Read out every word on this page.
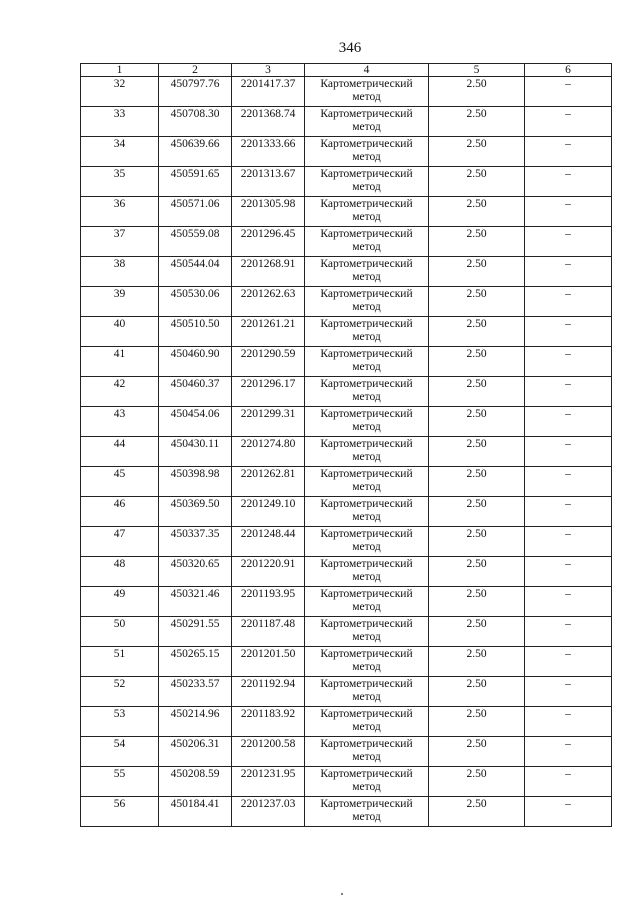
346
1	2	3	4	5	6
32	450797.76	2201417.37	Картометрический метод	2.50	–
33	450708.30	2201368.74	Картометрический метод	2.50	–
34	450639.66	2201333.66	Картометрический метод	2.50	–
35	450591.65	2201313.67	Картометрический метод	2.50	–
36	450571.06	2201305.98	Картометрический метод	2.50	–
37	450559.08	2201296.45	Картометрический метод	2.50	–
38	450544.04	2201268.91	Картометрический метод	2.50	–
39	450530.06	2201262.63	Картометрический метод	2.50	–
40	450510.50	2201261.21	Картометрический метод	2.50	–
41	450460.90	2201290.59	Картометрический метод	2.50	–
42	450460.37	2201296.17	Картометрический метод	2.50	–
43	450454.06	2201299.31	Картометрический метод	2.50	–
44	450430.11	2201274.80	Картометрический метод	2.50	–
45	450398.98	2201262.81	Картометрический метод	2.50	–
46	450369.50	2201249.10	Картометрический метод	2.50	–
47	450337.35	2201248.44	Картометрический метод	2.50	–
48	450320.65	2201220.91	Картометрический метод	2.50	–
49	450321.46	2201193.95	Картометрический метод	2.50	–
50	450291.55	2201187.48	Картометрический метод	2.50	–
51	450265.15	2201201.50	Картометрический метод	2.50	–
52	450233.57	2201192.94	Картометрический метод	2.50	–
53	450214.96	2201183.92	Картометрический метод	2.50	–
54	450206.31	2201200.58	Картометрический метод	2.50	–
55	450208.59	2201231.95	Картометрический метод	2.50	–
56	450184.41	2201237.03	Картометрический метод	2.50	–
